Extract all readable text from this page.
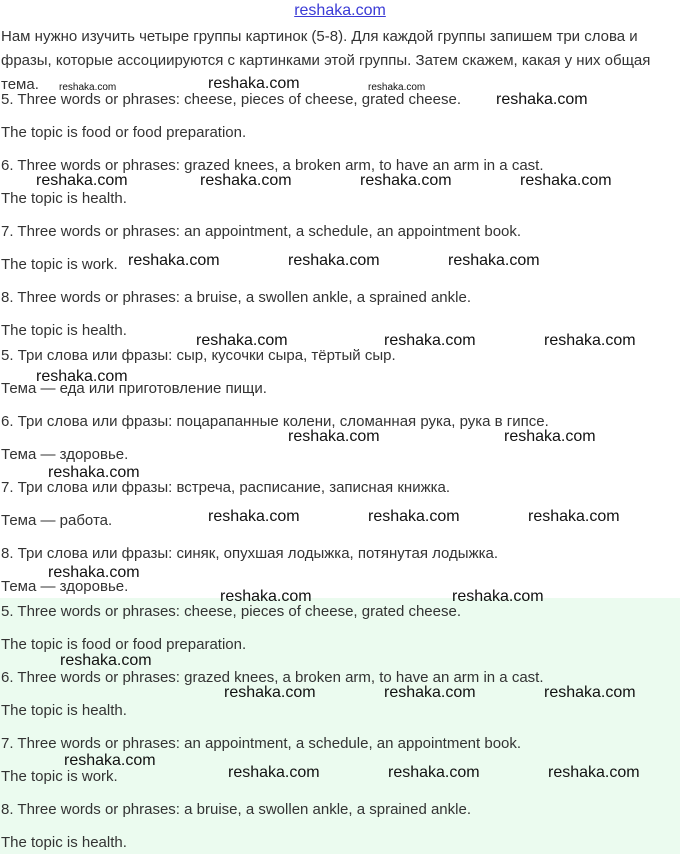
reshaka.com
Нам нужно изучить четыре группы картинок (5-8). Для каждой группы запишем три слова и фразы, которые ассоциируются с картинками этой группы. Затем скажем, какая у них общая тема.
5. Three words or phrases: cheese, pieces of cheese, grated cheese.
The topic is food or food preparation.
6. Three words or phrases: grazed knees, a broken arm, to have an arm in a cast.
The topic is health.
7. Three words or phrases: an appointment, a schedule, an appointment book.
The topic is work.
8. Three words or phrases: a bruise, a swollen ankle, a sprained ankle.
The topic is health.
5. Три слова или фразы: сыр, кусочки сыра, тёртый сыр.
Тема — еда или приготовление пищи.
6. Три слова или фразы: поцарапанные колени, сломанная рука, рука в гипсе.
Тема — здоровье.
7. Три слова или фразы: встреча, расписание, записная книжка.
Тема — работа.
8. Три слова или фразы: синяк, опухшая лодыжка, потянутая лодыжка.
Тема — здоровье.
5. Three words or phrases: cheese, pieces of cheese, grated cheese.
The topic is food or food preparation.
6. Three words or phrases: grazed knees, a broken arm, to have an arm in a cast.
The topic is health.
7. Three words or phrases: an appointment, a schedule, an appointment book.
The topic is work.
8. Three words or phrases: a bruise, a swollen ankle, a sprained ankle.
The topic is health.
reshaka.com	reshaka.com	reshaka.com
reshaka.com
reshaka.com	reshaka.com	reshaka.com	reshaka.com
reshaka.com	reshaka.com	reshaka.com
reshaka.com	reshaka.com	reshaka.com
reshaka.com
reshaka.com	reshaka.com
reshaka.com
reshaka.com	reshaka.com	reshaka.com
reshaka.com
reshaka.com	reshaka.com
reshaka.com
reshaka.com	reshaka.com	reshaka.com
reshaka.com
reshaka.com	reshaka.com	reshaka.com
